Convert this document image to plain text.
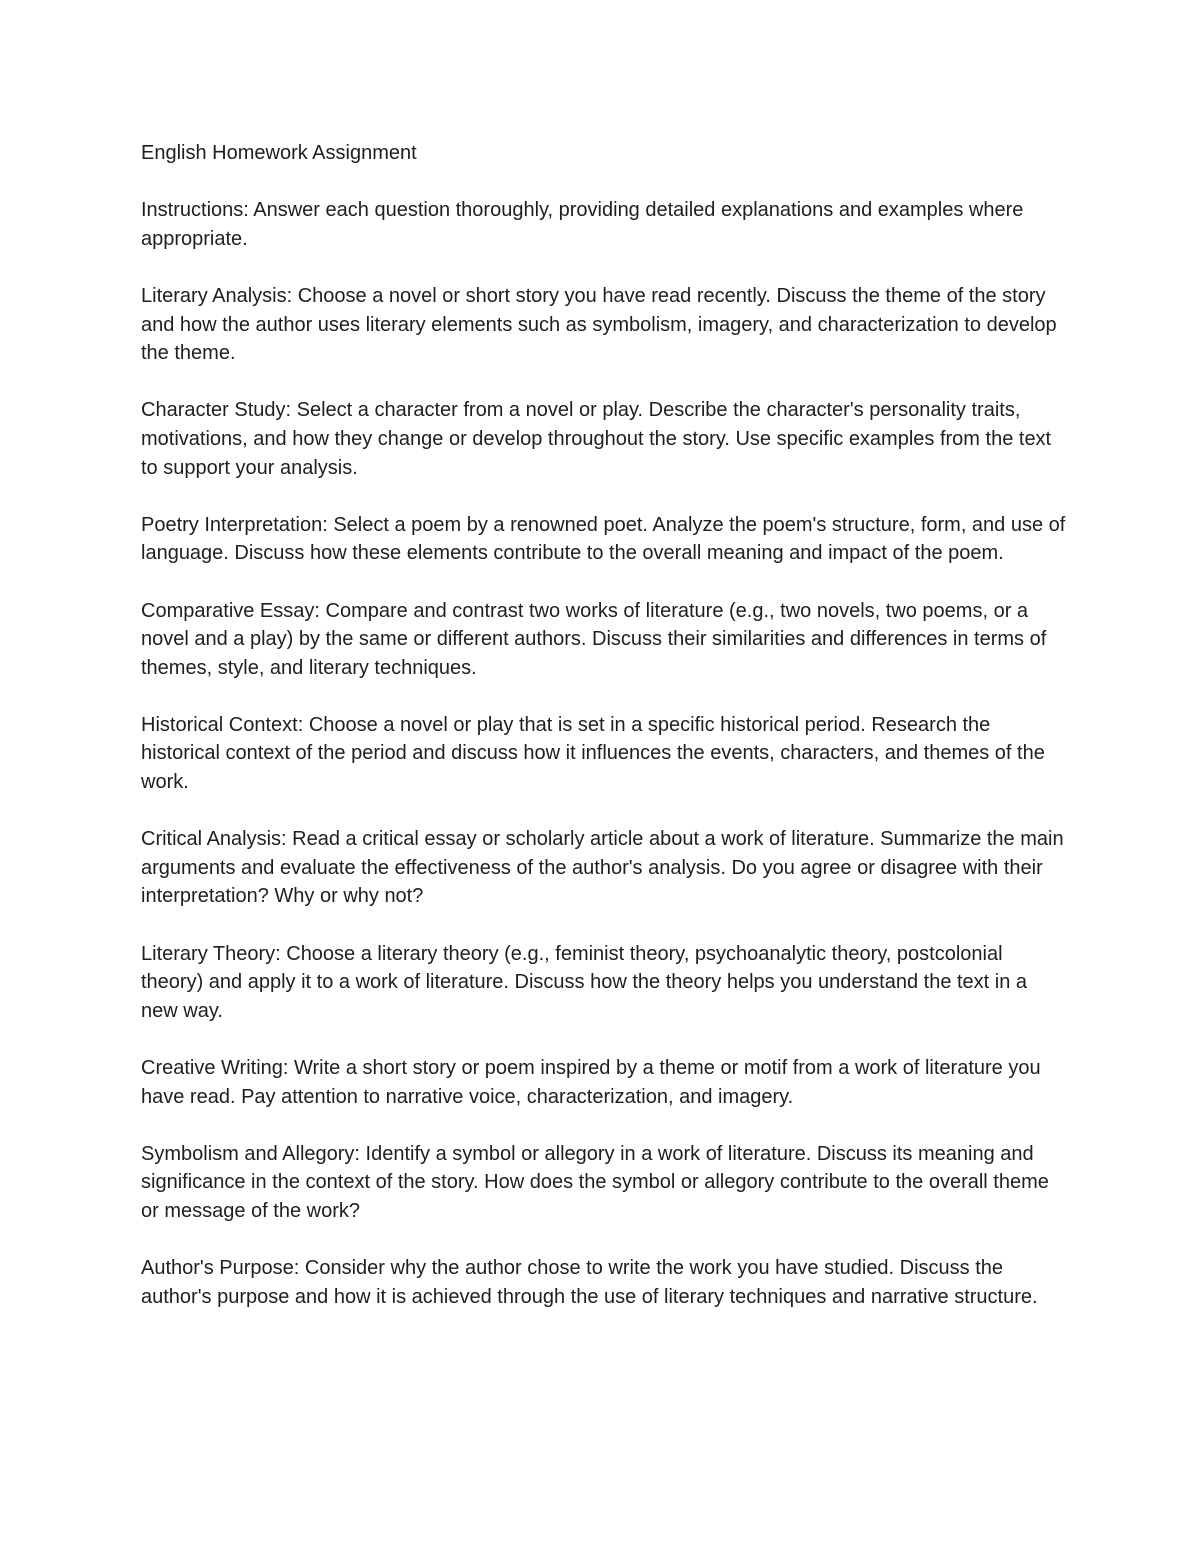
English Homework Assignment

Instructions: Answer each question thoroughly, providing detailed explanations and examples where appropriate.

Literary Analysis: Choose a novel or short story you have read recently. Discuss the theme of the story and how the author uses literary elements such as symbolism, imagery, and characterization to develop the theme.

Character Study: Select a character from a novel or play. Describe the character's personality traits, motivations, and how they change or develop throughout the story. Use specific examples from the text to support your analysis.

Poetry Interpretation: Select a poem by a renowned poet. Analyze the poem's structure, form, and use of language. Discuss how these elements contribute to the overall meaning and impact of the poem.

Comparative Essay: Compare and contrast two works of literature (e.g., two novels, two poems, or a novel and a play) by the same or different authors. Discuss their similarities and differences in terms of themes, style, and literary techniques.

Historical Context: Choose a novel or play that is set in a specific historical period. Research the historical context of the period and discuss how it influences the events, characters, and themes of the work.

Critical Analysis: Read a critical essay or scholarly article about a work of literature. Summarize the main arguments and evaluate the effectiveness of the author's analysis. Do you agree or disagree with their interpretation? Why or why not?

Literary Theory: Choose a literary theory (e.g., feminist theory, psychoanalytic theory, postcolonial theory) and apply it to a work of literature. Discuss how the theory helps you understand the text in a new way.

Creative Writing: Write a short story or poem inspired by a theme or motif from a work of literature you have read. Pay attention to narrative voice, characterization, and imagery.

Symbolism and Allegory: Identify a symbol or allegory in a work of literature. Discuss its meaning and significance in the context of the story. How does the symbol or allegory contribute to the overall theme or message of the work?

Author's Purpose: Consider why the author chose to write the work you have studied. Discuss the author's purpose and how it is achieved through the use of literary techniques and narrative structure.
